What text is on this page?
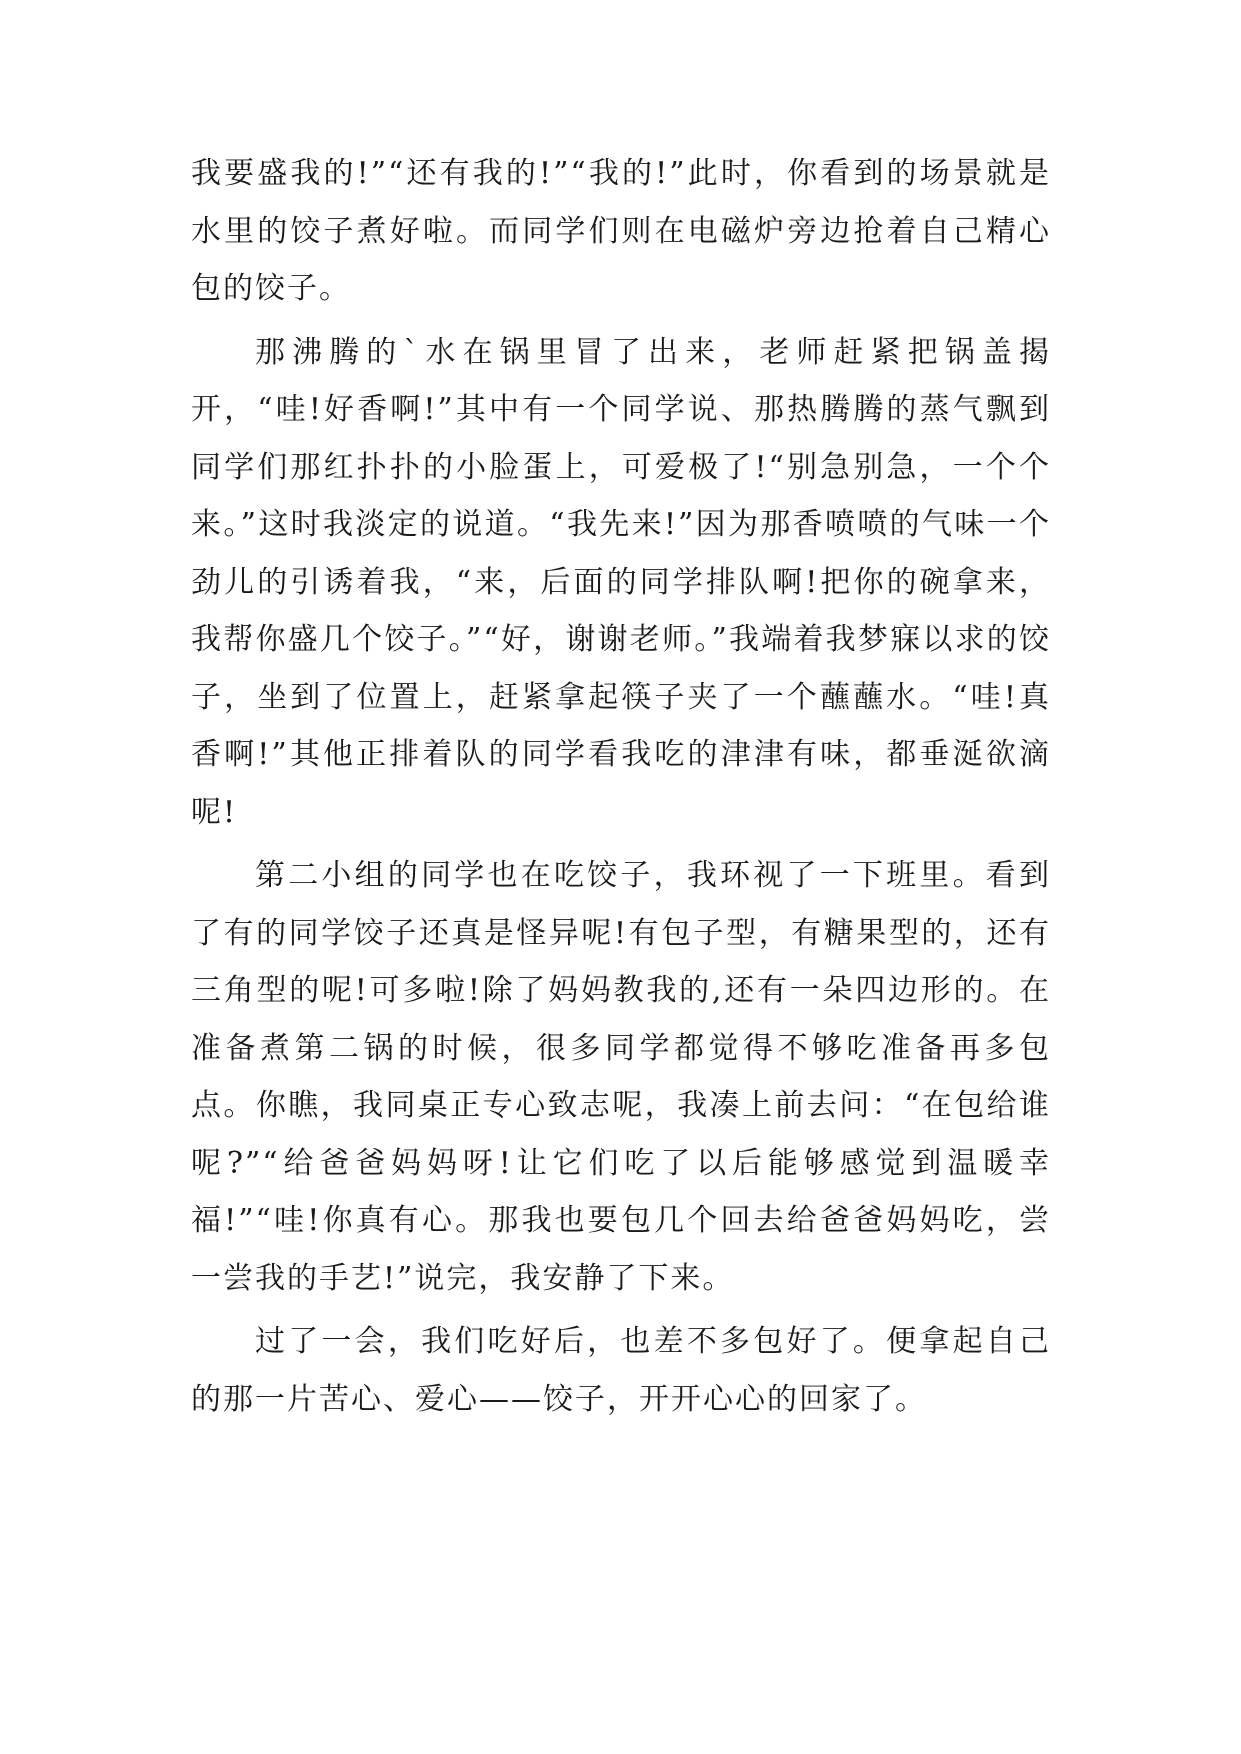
我要盛我的!”“还有我的!”“我的!”此时，你看到的场景就是水里的饺子煮好啦。而同学们则在电磁炉旁边抢着自己精心包的饺子。

那沸腾的`水在锅里冒了出来，老师赶紧把锅盖揭开，“哇!好香啊!”其中有一个同学说、那热腾腾的蒸气飘到同学们那红扑扑的小脸蛋上，可爱极了!“别急别急，一个个来。”这时我淡定的说道。“我先来!”因为那香喷喷的气味一个劲儿的引诱着我，“来，后面的同学排队啊!把你的碗拿来，我帮你盛几个饺子。”“好，谢谢老师。”我端着我梦寐以求的饺子，坐到了位置上，赶紧拿起筷子夹了一个蘸蘸水。“哇!真香啊!”其他正排着队的同学看我吃的津津有味，都垂涎欲滴呢!

第二小组的同学也在吃饺子，我环视了一下班里。看到了有的同学饺子还真是怪异呢!有包子型，有糖果型的，还有三角型的呢!可多啦!除了妈妈教我的,还有一朵四边形的。在准备煮第二锅的时候，很多同学都觉得不够吃准备再多包点。你瞧，我同桌正专心致志呢，我凑上前去问：“在包给谁呢?”“给爸爸妈妈呀!让它们吃了以后能够感觉到温暖幸福!”“哇!你真有心。那我也要包几个回去给爸爸妈妈吃，尝一尝我的手艺!”说完，我安静了下来。

过了一会，我们吃好后，也差不多包好了。便拿起自己的那一片苦心、爱心——饺子，开开心心的回家了。
